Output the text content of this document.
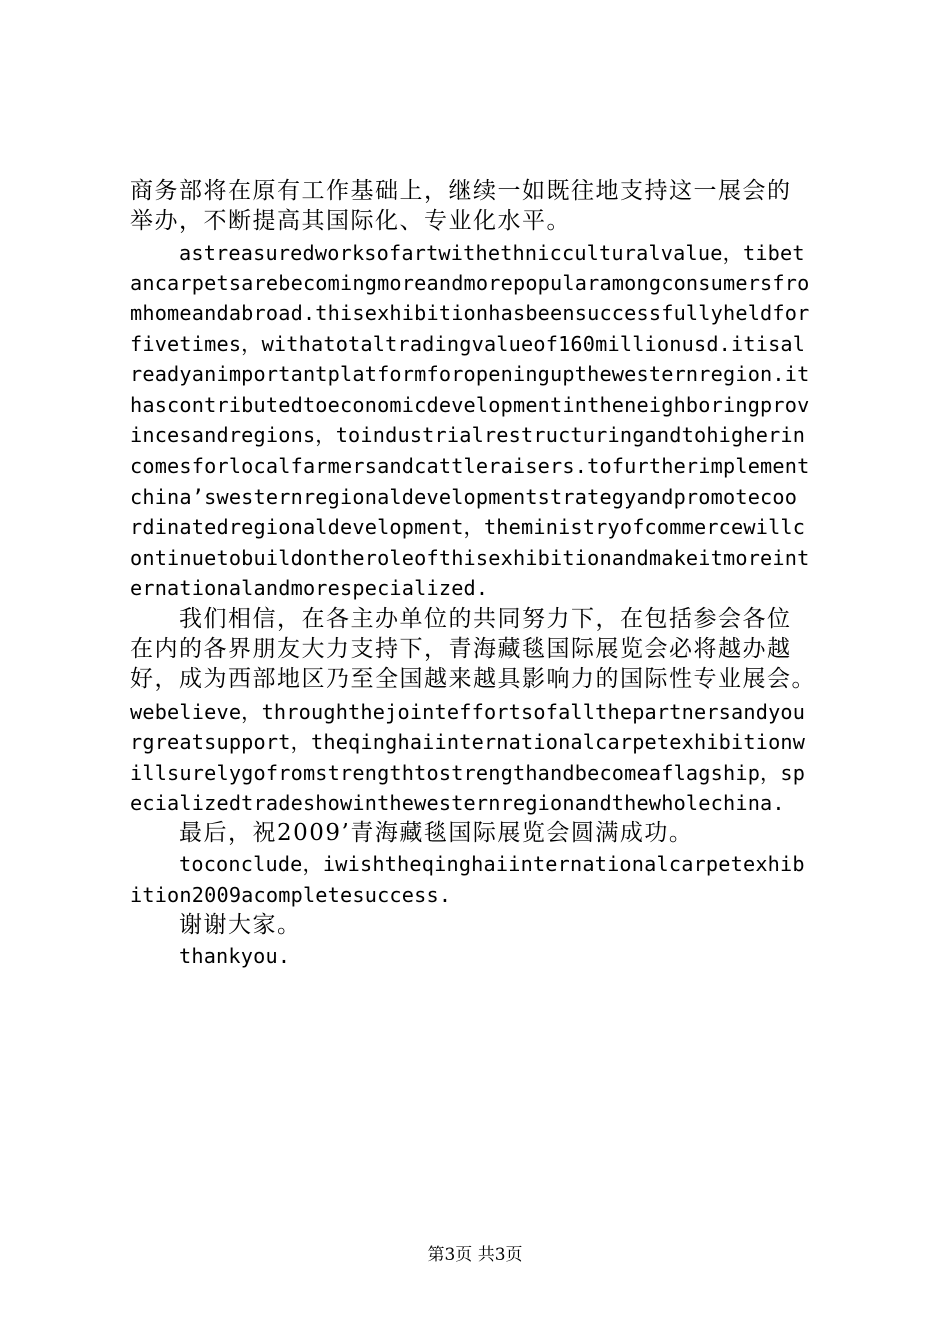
商务部将在原有工作基础上，继续一如既往地支持这一展会的
举办，不断提高其国际化、专业化水平。
astreasuredworksofartwithethnicculturalvalue，tibet
ancarpetsarebecomingmoreandmorepopularamongconsumersfro
mhomeandabroad.thisexhibitionhasbeensuccessfullyheldfor
fivetimes，withatotaltradingvalueof160millionusd.itisal
readyanimportantplatformforopeningupthewesternregion.it
hascontributedtoeconomicdevelopmentintheneighboringprov
incesandregions，toindustrialrestructuringandtohigherin
comesforlocalfarmersandcattleraisers.tofurtherimplement
china’swesternregionaldevelopmentstrategyandpromotecoo
rdinatedregionaldevelopment，theministryofcommercewillc
ontinuetobuildontheroleofthisexhibitionandmakeitmoreint
ernationalandmorespecialized.
我们相信，在各主办单位的共同努力下，在包括参会各位
在内的各界朋友大力支持下，青海藏毯国际展览会必将越办越
好，成为西部地区乃至全国越来越具影响力的国际性专业展会。
webelieve，throughthejointeffortsofallthepartnersandyou
rgreatsupport，theqinghaiinternationalcarpetexhibitionw
illsurelygofromstrengthtostrengthandbecomeaflagship，sp
ecializedtradeshowinthewesternregionandthewholechina.
最后，祝2009’青海藏毯国际展览会圆满成功。
toconclude，iwishtheqinghaiinternationalcarpetexhib
ition2009acompletesuccess.
谢谢大家。
thankyou.
第3页 共3页
